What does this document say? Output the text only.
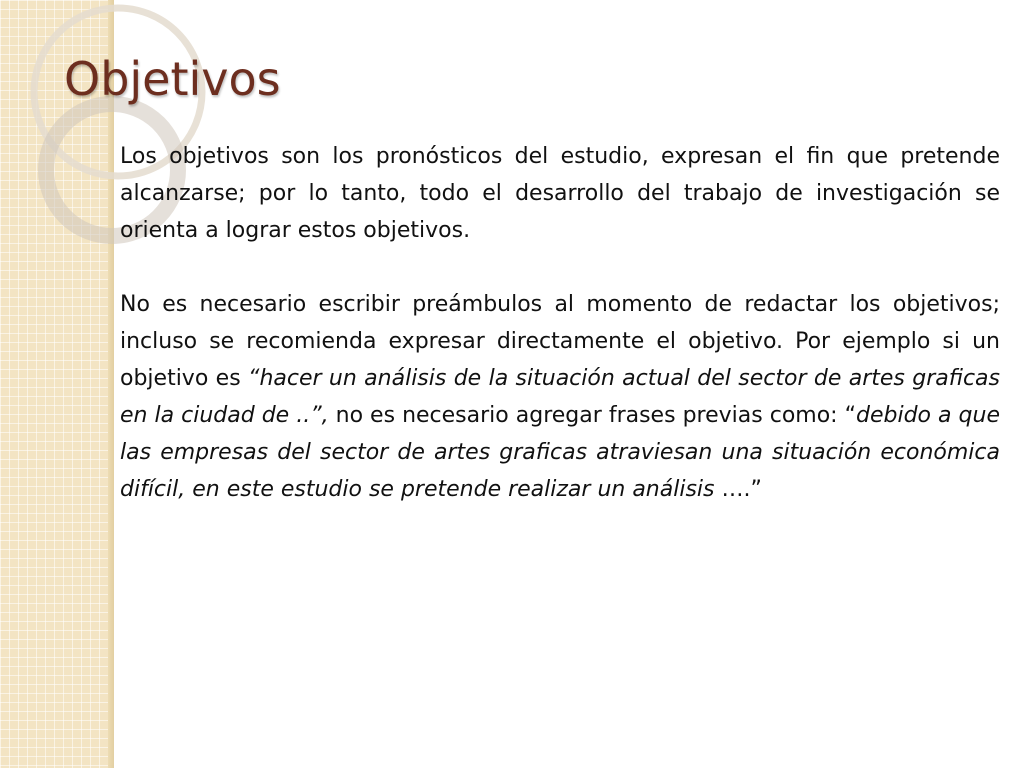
Objetivos

Los objetivos son los pronósticos del estudio, expresan el fin que pretende alcanzarse; por lo tanto, todo el desarrollo del trabajo de investigación se orienta a lograr estos objetivos.

No es necesario escribir preámbulos al momento de redactar los objetivos; incluso se recomienda expresar directamente el objetivo. Por ejemplo si un objetivo es “hacer un análisis de la situación actual del sector de artes graficas en la ciudad de ..”, no es necesario agregar frases previas como: “debido a que las empresas del sector de artes graficas atraviesan una situación económica difícil, en este estudio se pretende realizar un análisis ….”
